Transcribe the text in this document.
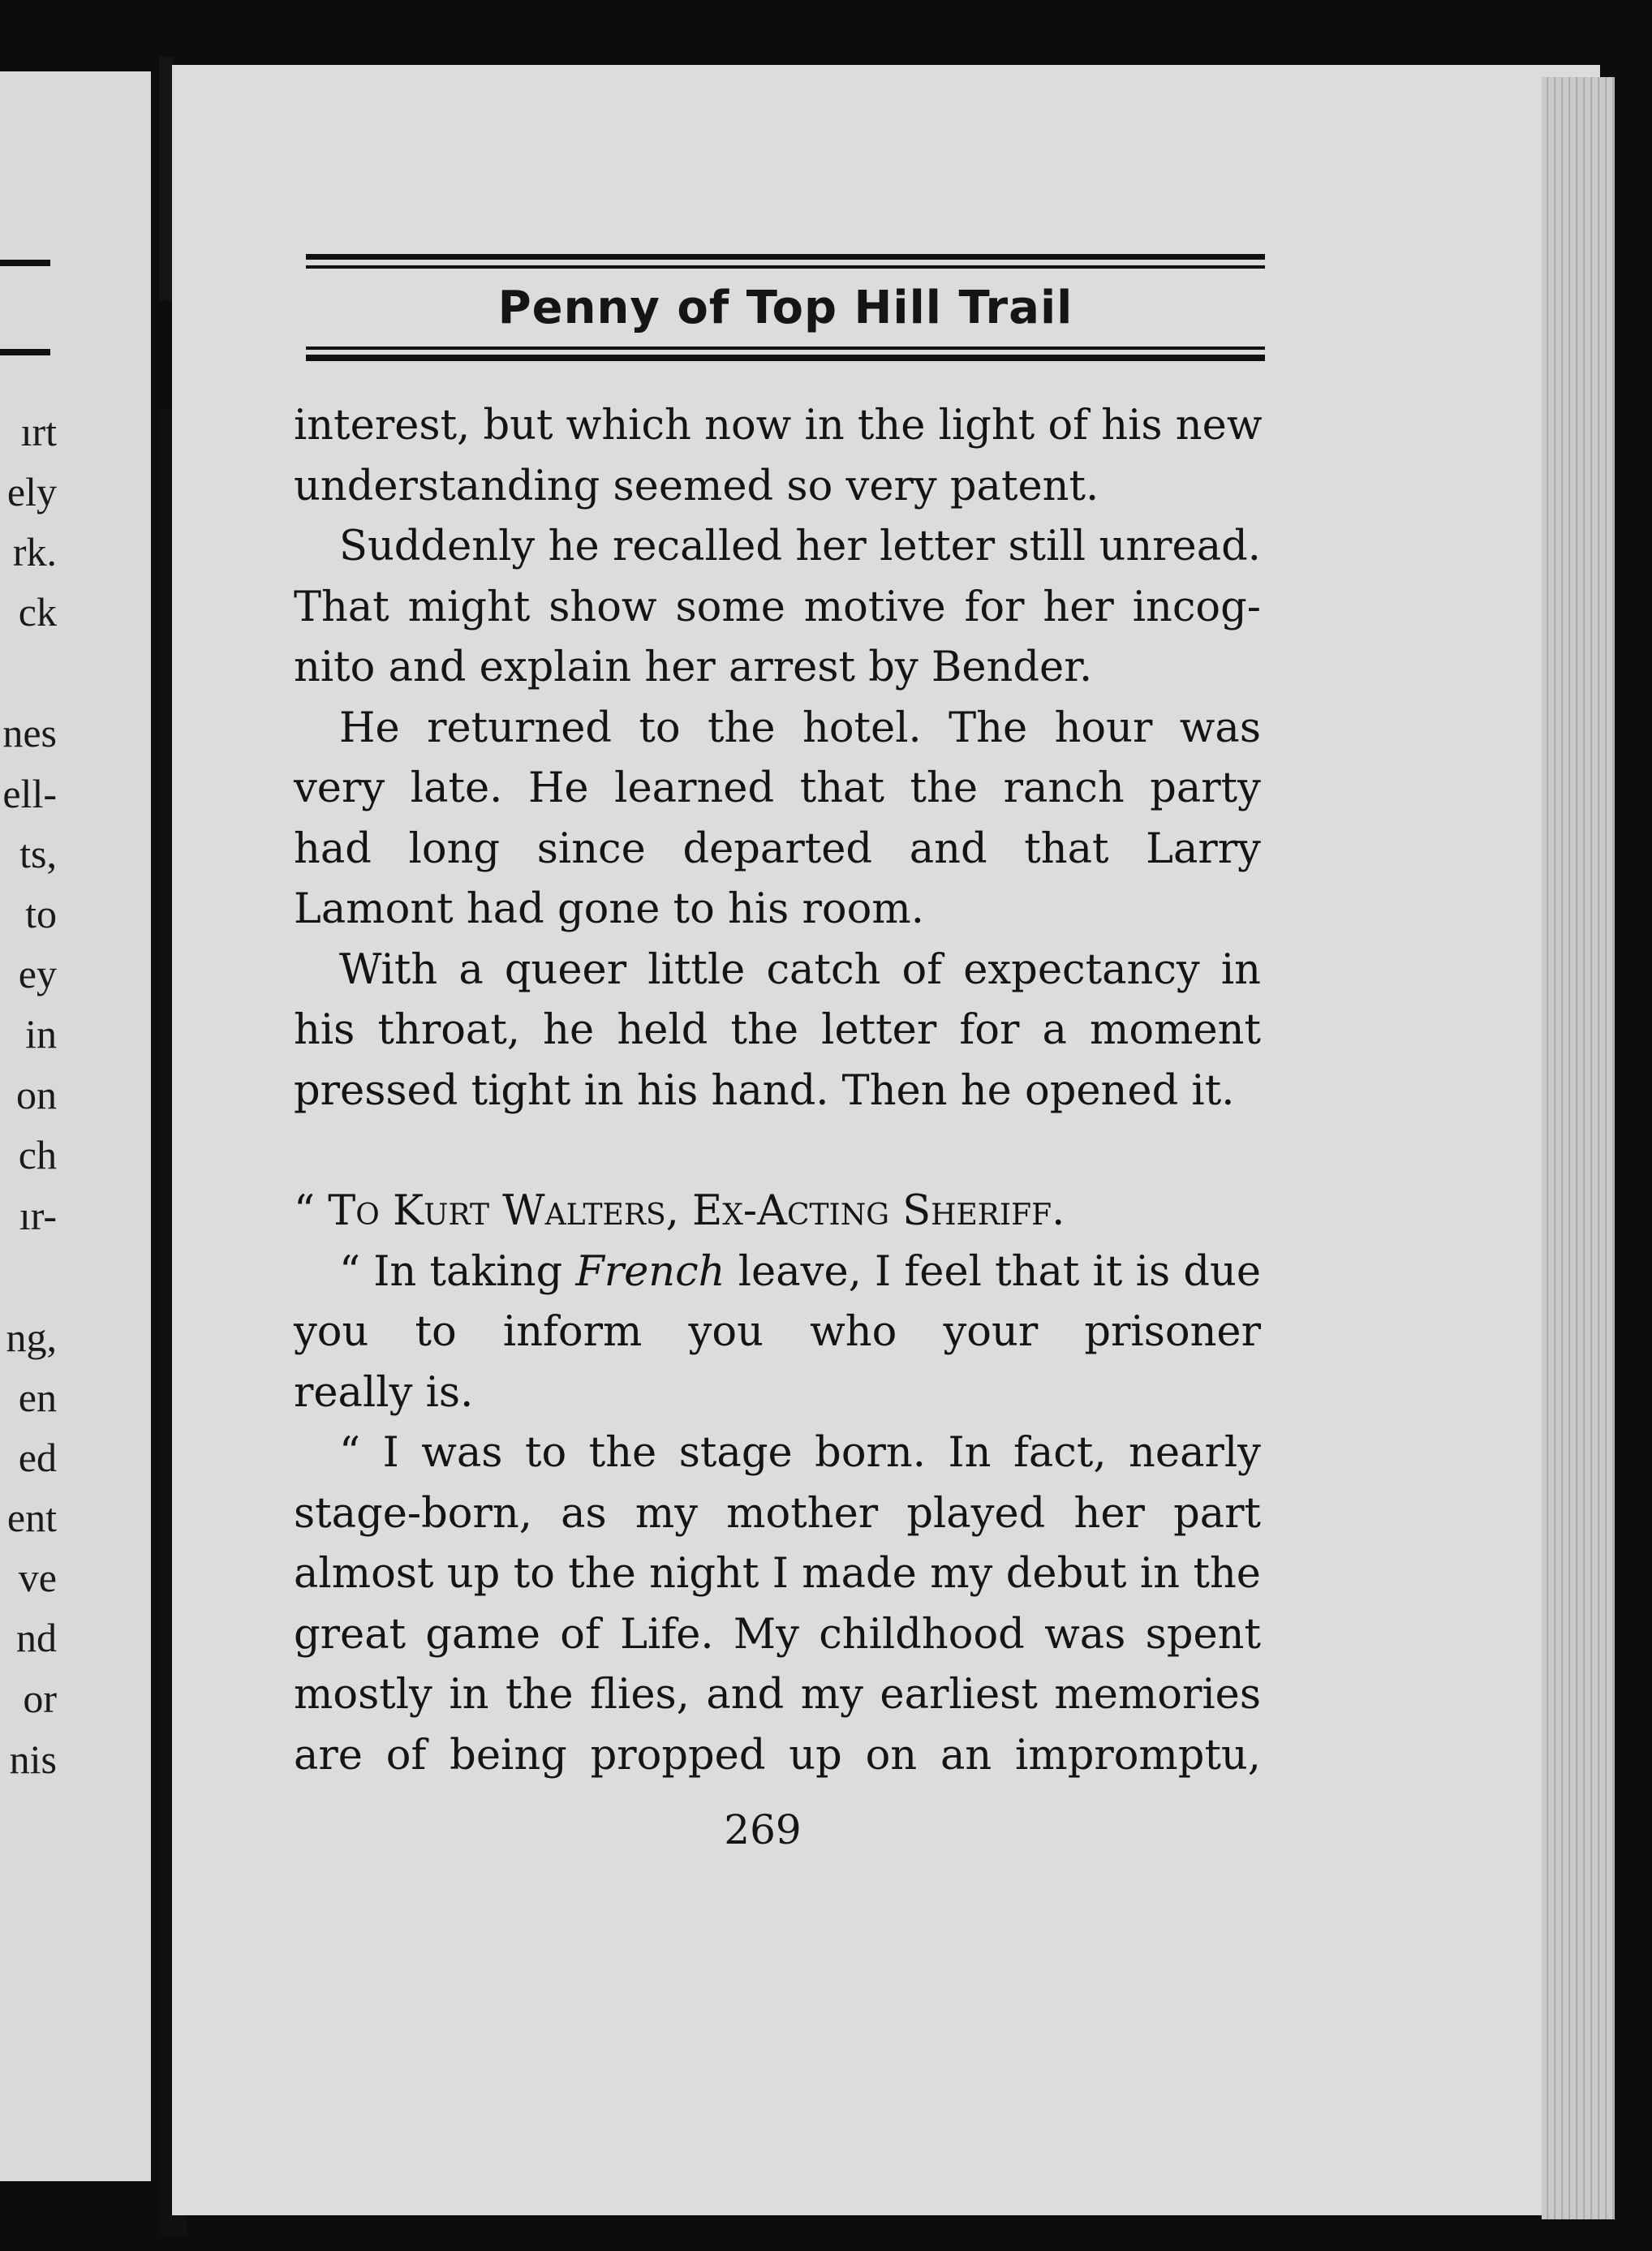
ırt
ely
rk.
ck
nes
ell-
ts,
to
ey
in
on
ch
ır-
ng,
en
ed
ent
ve
nd
or
nis
Penny of Top Hill Trail
interest, but which now in the light of his new
understanding seemed so very patent.
Suddenly he recalled her letter still unread.
That might show some motive for her incog-
nito and explain her arrest by Bender.
He returned to the hotel. The hour was
very late. He learned that the ranch party
had long since departed and that Larry
Lamont had gone to his room.
With a queer little catch of expectancy in
his throat, he held the letter for a moment
pressed tight in his hand. Then he opened it.
“ To Kurt Walters, Ex-Acting Sheriff.
“ In taking French leave, I feel that it is due
you to inform you who your prisoner
really is.
“ I was to the stage born. In fact, nearly
stage-born, as my mother played her part
almost up to the night I made my debut in the
great game of Life. My childhood was spent
mostly in the flies, and my earliest memories
are of being propped up on an impromptu,
269
